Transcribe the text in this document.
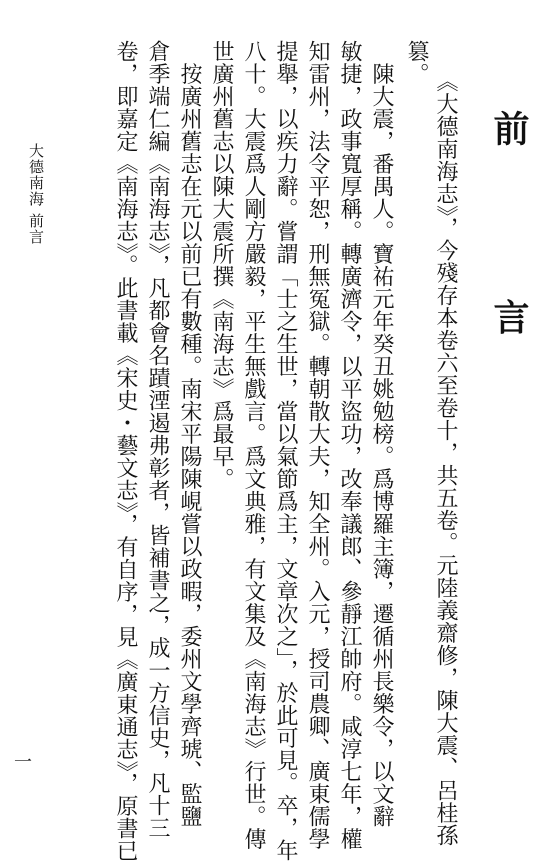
前 言
篡。
《大德南海志》，今殘存本卷六至卷十，共五卷。元陸義齋修，陳大震、呂桂孫
　陳大震，番禺人。寶祐元年癸丑姚勉榜。爲博羅主簿，遷循州長樂令，以文辭
敏捷，政事寬厚稱。轉廣濟令，以平盜功，改奉議郎、參靜江帥府。咸淳七年，權
知雷州，法令平恕，刑無冤獄。轉朝散大夫，知全州。入元，授司農卿、廣東儒學
提舉，以疾力辭。嘗謂「士之生世，當以氣節爲主，文章次之」，於此可見。卒，年
八十。大震爲人剛方嚴毅，平生無戲言。爲文典雅，有文集及《南海志》行世。傳
世廣州舊志以陳大震所撰《南海志》爲最早。
　按廣州舊志在元以前已有數種。南宋平陽陳峴嘗以政暇，委州文學齊琥、監鹽
倉季端仁編《南海志》，凡都會名蹟湮遏弗彰者，皆補書之，成一方信史，凡十三
卷，即嘉定《南海志》。此書載《宋史・藝文志》，有自序，見《廣東通志》，原書已
大德南海 前言
一
